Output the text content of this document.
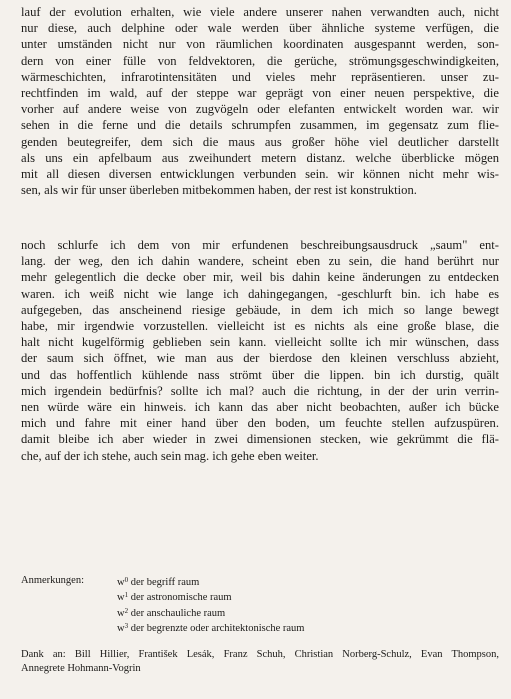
lauf der evolution erhalten, wie viele andere unserer nahen verwandten auch, nicht
nur diese, auch delphine oder wale werden über ähnliche systeme verfügen, die
unter umständen nicht nur von räumlichen koordinaten ausgespannt werden, son-
dern von einer fülle von feldvektoren, die gerüche, strömungsgeschwindigkeiten,
wärmeschichten, infrarotintensitäten und vieles mehr repräsentieren. unser zu-
rechtfinden im wald, auf der steppe war geprägt von einer neuen perspektive, die
vorher auf andere weise von zugvögeln oder elefanten entwickelt worden war. wir
sehen in die ferne und die details schrumpfen zusammen, im gegensatz zum flie-
genden beutegreifer, dem sich die maus aus großer höhe viel deutlicher darstellt
als uns ein apfelbaum aus zweihundert metern distanz. welche überblicke mögen
mit all diesen diversen entwicklungen verbunden sein. wir können nicht mehr wis-
sen, als wir für unser überleben mitbekommen haben, der rest ist konstruktion.

noch schlurfe ich dem von mir erfundenen beschreibungsausdruck „saum" ent-
lang. der weg, den ich dahin wandere, scheint eben zu sein, die hand berührt nur
mehr gelegentlich die decke ober mir, weil bis dahin keine änderungen zu entdecken
waren. ich weiß nicht wie lange ich dahingegangen, -geschlurft bin. ich habe es
aufgegeben, das anscheinend riesige gebäude, in dem ich mich so lange bewegt
habe, mir irgendwie vorzustellen. vielleicht ist es nichts als eine große blase, die
halt nicht kugelförmig geblieben sein kann. vielleicht sollte ich mir wünschen, dass
der saum sich öffnet, wie man aus der bierdose den kleinen verschluss abzieht,
und das hoffentlich kühlende nass strömt über die lippen. bin ich durstig, quält
mich irgendein bedürfnis? sollte ich mal? auch die richtung, in der der urin verrin-
nen würde wäre ein hinweis. ich kann das aber nicht beobachten, außer ich bücke
mich und fahre mit einer hand über den boden, um feuchte stellen aufzuspüren.
damit bleibe ich aber wieder in zwei dimensionen stecken, wie gekrümmt die flä-
che, auf der ich stehe, auch sein mag. ich gehe eben weiter.

Anmerkungen:	$w^0$ der begriff raum
$w^1$ der astronomische raum
$w^2$ der anschauliche raum
$w^3$ der begrenzte oder architektonische raum
Dank an: Bill Hillier, František Lesák, Franz Schuh, Christian Norberg-Schulz, Evan Thompson,
Annegrete Hohmann-Vogrin
